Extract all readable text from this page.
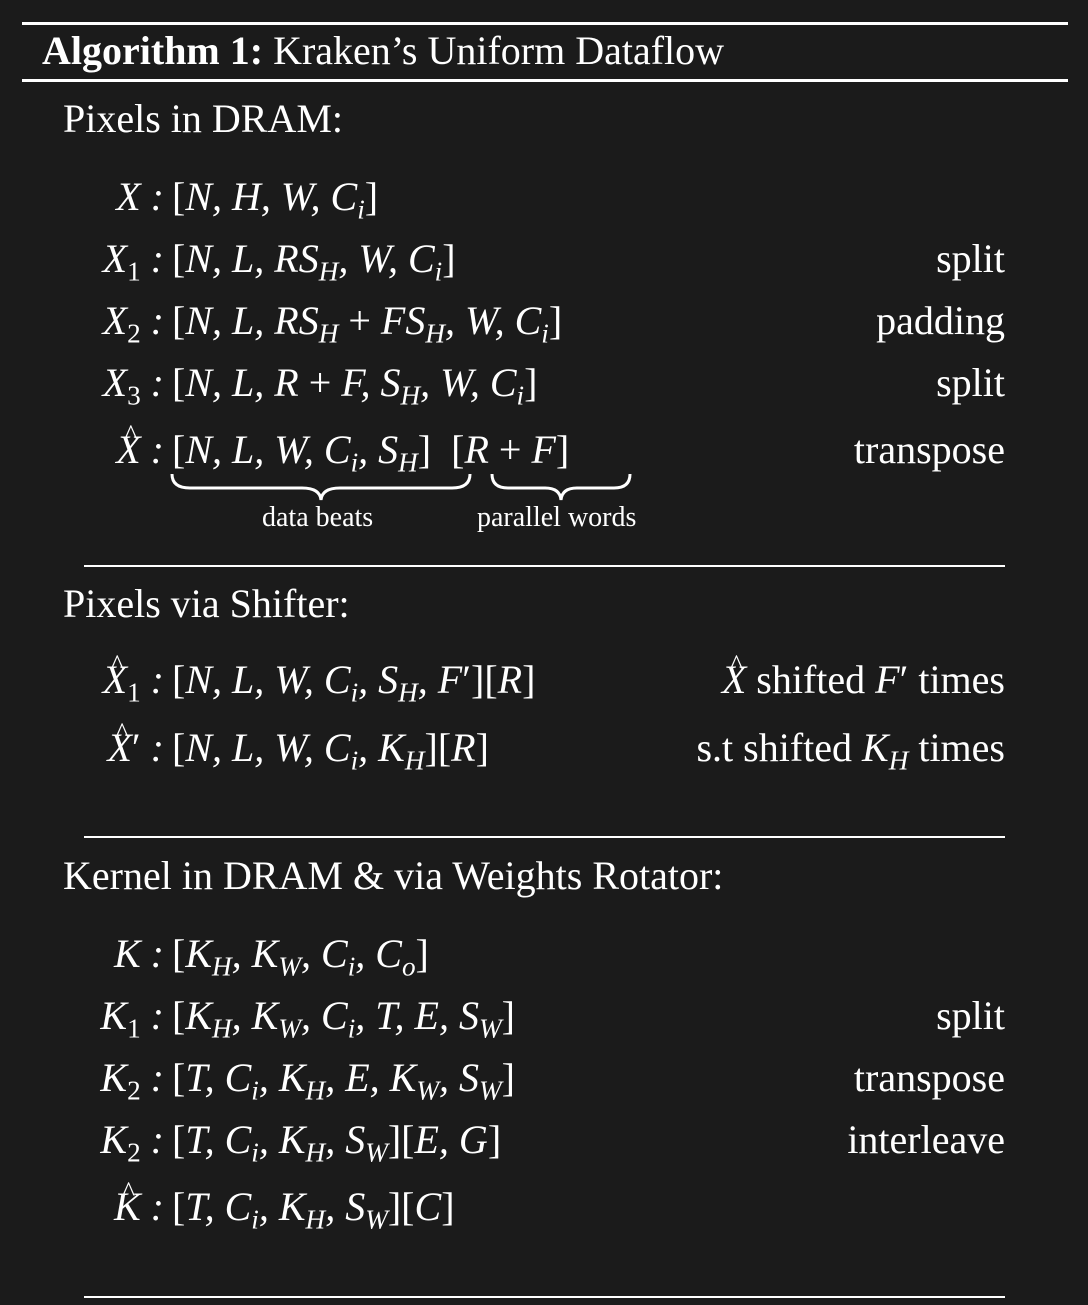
Algorithm 1: Kraken’s Uniform Dataflow
Pixels in DRAM:
X : [N, H, W, $C_i$]
$X_1$ : [N, L, $RS_H$, W, $C_i$]	split
$X_2$ : [N, L, $RS_H + FS_H$, W, $C_i$]	padding
$X_3$ : [N, L, R + F, $S_H$, W, $C_i$]	split
^ X : [N, L, W, $C_i$, $S_H$] [R + F]	transpose
data beats	parallel words
Pixels via Shifter:
^ $X_1$ : [N, L, W, $C_i$, $S_H$, F′][R]
^	X shifted F′ times
^ X′ : [N, L, W, $C_i$, $K_H][R]$	s.t shifted $K_H$ times
Kernel in DRAM & via Weights Rotator:
K : [$K_H$, $K_W$, $C_i$, $C_o$]
$K_1$ : [$K_H$, $K_W$, $C_i$, T, E, $S_W$]	split
$K_2$ : [T, $C_i$, $K_H$, E, $K_W$, $S_W$]	transpose
$K_2$ : [T, $C_i$, $K_H$, $S_W][E$, G]	interleave
^ K : [T, $C_i$, $K_H$, $S_W][C]$
